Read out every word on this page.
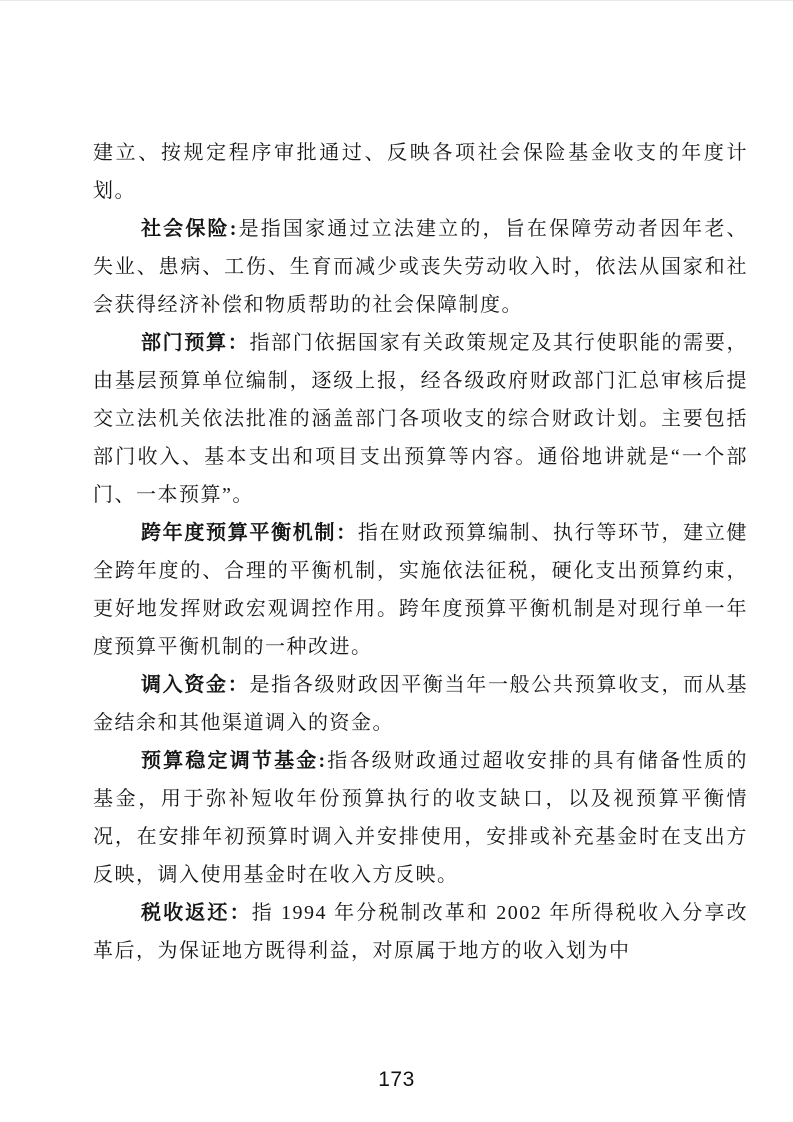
建立、按规定程序审批通过、反映各项社会保险基金收支的年度计划。

社会保险:是指国家通过立法建立的，旨在保障劳动者因年老、失业、患病、工伤、生育而减少或丧失劳动收入时，依法从国家和社会获得经济补偿和物质帮助的社会保障制度。

部门预算：指部门依据国家有关政策规定及其行使职能的需要，由基层预算单位编制，逐级上报，经各级政府财政部门汇总审核后提交立法机关依法批准的涵盖部门各项收支的综合财政计划。主要包括部门收入、基本支出和项目支出预算等内容。通俗地讲就是“一个部门、一本预算”。

跨年度预算平衡机制：指在财政预算编制、执行等环节，建立健全跨年度的、合理的平衡机制，实施依法征税，硬化支出预算约束，更好地发挥财政宏观调控作用。跨年度预算平衡机制是对现行单一年度预算平衡机制的一种改进。

调入资金：是指各级财政因平衡当年一般公共预算收支，而从基金结余和其他渠道调入的资金。

预算稳定调节基金:指各级财政通过超收安排的具有储备性质的基金，用于弥补短收年份预算执行的收支缺口，以及视预算平衡情况，在安排年初预算时调入并安排使用，安排或补充基金时在支出方反映，调入使用基金时在收入方反映。

税收返还：指 1994 年分税制改革和 2002 年所得税收入分享改革后，为保证地方既得利益，对原属于地方的收入划为中

173
